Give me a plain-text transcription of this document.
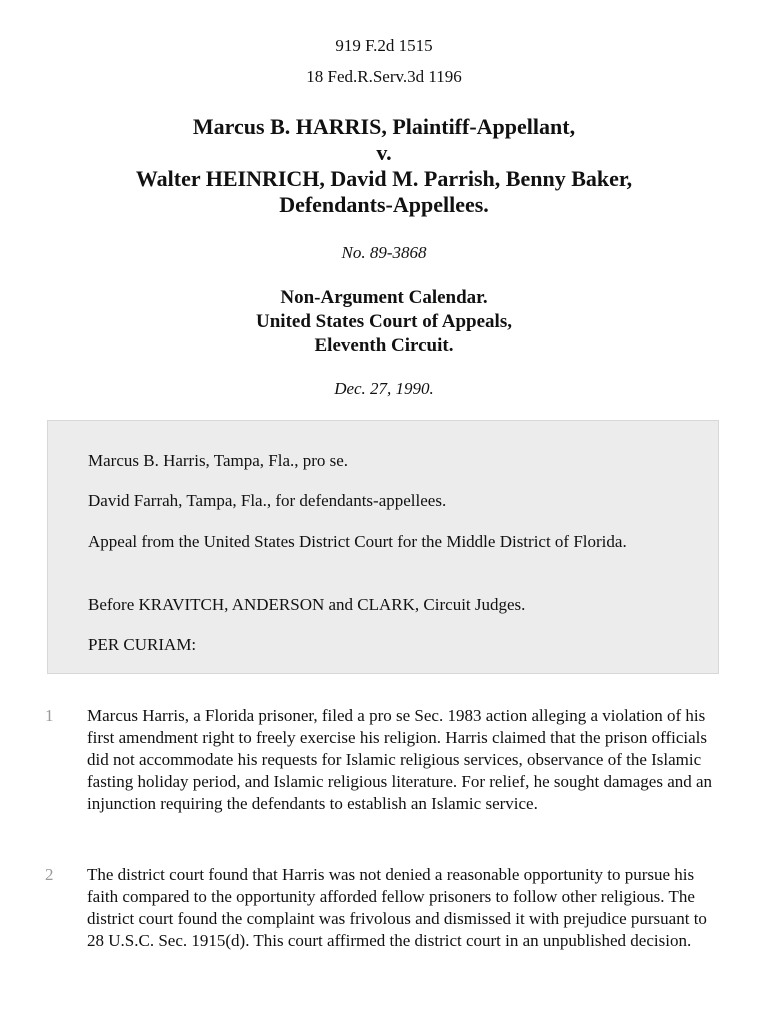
919 F.2d 1515
18 Fed.R.Serv.3d 1196
Marcus B. HARRIS, Plaintiff-Appellant,
v.
Walter HEINRICH, David M. Parrish, Benny Baker,
Defendants-Appellees.
No. 89-3868
Non-Argument Calendar.
United States Court of Appeals,
Eleventh Circuit.
Dec. 27, 1990.

Marcus B. Harris, Tampa, Fla., pro se.

David Farrah, Tampa, Fla., for defendants-appellees.

Appeal from the United States District Court for the Middle District of Florida.

Before KRAVITCH, ANDERSON and CLARK, Circuit Judges.

PER CURIAM:

1 Marcus Harris, a Florida prisoner, filed a pro se Sec. 1983 action alleging a violation of his first amendment right to freely exercise his religion. Harris claimed that the prison officials did not accommodate his requests for Islamic religious services, observance of the Islamic fasting holiday period, and Islamic religious literature. For relief, he sought damages and an injunction requiring the defendants to establish an Islamic service.

2 The district court found that Harris was not denied a reasonable opportunity to pursue his faith compared to the opportunity afforded fellow prisoners to follow other religious. The district court found the complaint was frivolous and dismissed it with prejudice pursuant to 28 U.S.C. Sec. 1915(d). This court affirmed the district court in an unpublished decision.
